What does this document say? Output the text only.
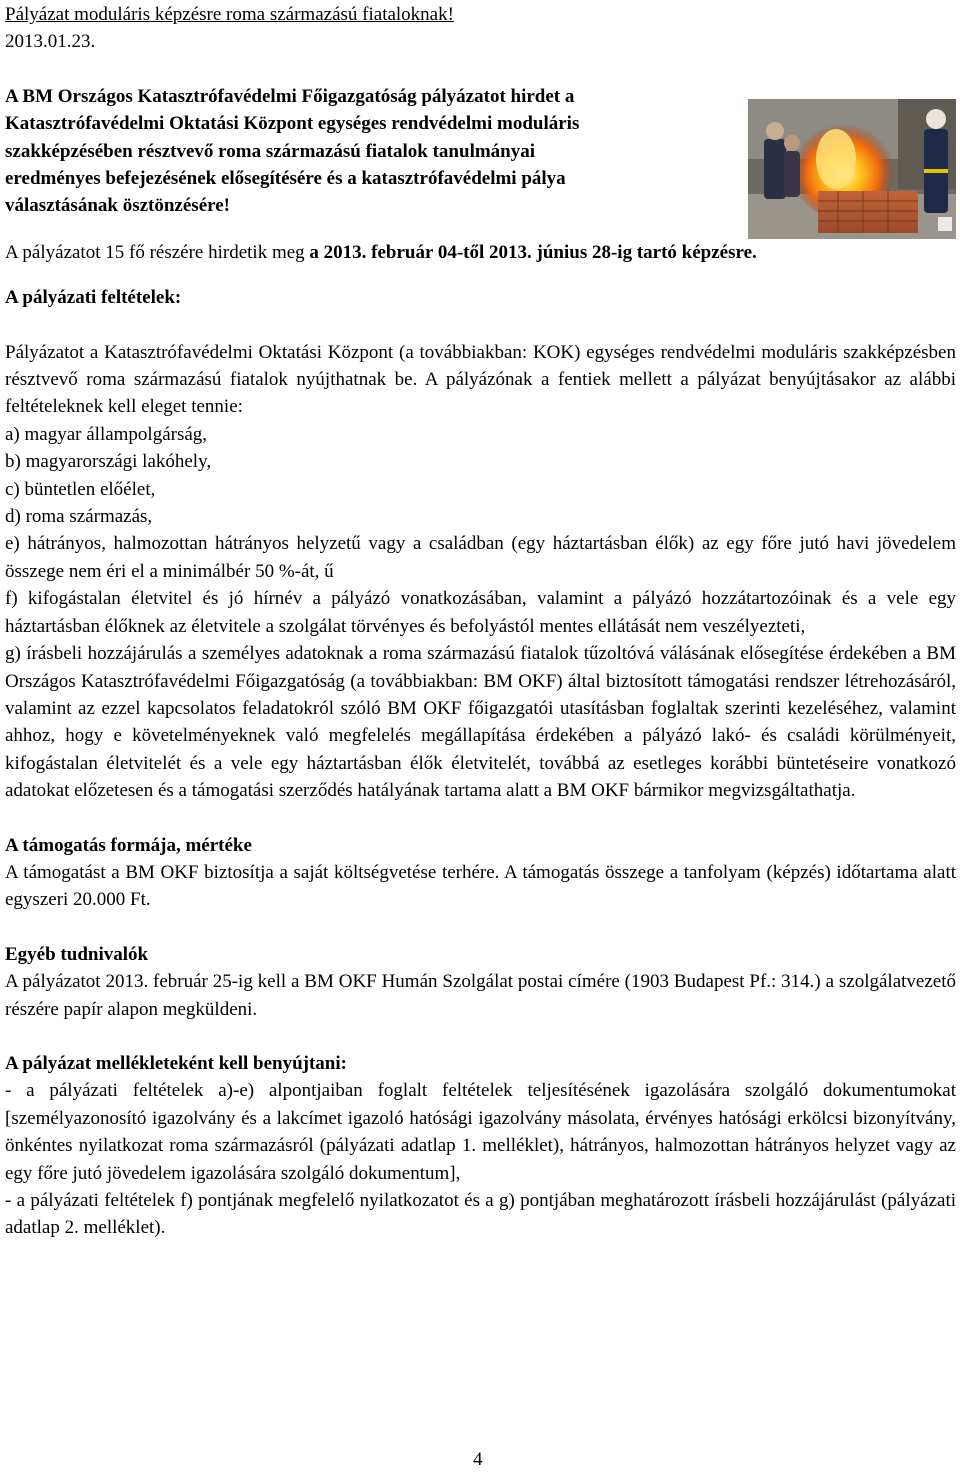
Pályázat moduláris képzésre roma származású fiataloknak!
2013.01.23.
A BM Országos Katasztrófavédelmi Főigazgatóság pályázatot hirdet a
Katasztrófavédelmi Oktatási Központ egységes rendvédelmi moduláris
szakképzésében résztvevő roma származású fiatalok tanulmányai
eredményes befejezésének elősegítésére és a katasztrófavédelmi pálya
választásának ösztönzésére!
A pályázatot 15 fő részére hirdetik meg a 2013. február 04-től 2013. június 28-ig tartó képzésre.
A pályázati feltételek:
Pályázatot a Katasztrófavédelmi Oktatási Központ (a továbbiakban: KOK) egységes rendvédelmi moduláris szakképzésben résztvevő roma származású fiatalok nyújthatnak be. A pályázónak a fentiek mellett a pályázat benyújtásakor az alábbi feltételeknek kell eleget tennie:
a) magyar állampolgárság,
b) magyarországi lakóhely,
c) büntetlen előélet,
d) roma származás,
e) hátrányos, halmozottan hátrányos helyzetű vagy a családban (egy háztartásban élők) az egy főre jutó havi jövedelem összege nem éri el a minimálbér 50 %-át, ű
f) kifogástalan életvitel és jó hírnév a pályázó vonatkozásában, valamint a pályázó hozzátartozóinak és a vele egy háztartásban élőknek az életvitele a szolgálat törvényes és befolyástól mentes ellátását nem veszélyezteti,
g) írásbeli hozzájárulás a személyes adatoknak a roma származású fiatalok tűzoltóvá válásának elősegítése érdekében a BM Országos Katasztrófavédelmi Főigazgatóság (a továbbiakban: BM OKF) által biztosított támogatási rendszer létrehozásáról, valamint az ezzel kapcsolatos feladatokról szóló BM OKF főigazgatói utasításban foglaltak szerinti kezeléséhez, valamint ahhoz, hogy e követelményeknek való megfelelés megállapítása érdekében a pályázó lakó- és családi körülményeit, kifogástalan életvitelét és a vele egy háztartásban élők életvitelét, továbbá az esetleges korábbi büntetéseire vonatkozó adatokat előzetesen és a támogatási szerződés hatályának tartama alatt a BM OKF bármikor megvizsgáltathatja.
A támogatás formája, mértéke
A támogatást a BM OKF biztosítja a saját költségvetése terhére. A támogatás összege a tanfolyam (képzés) időtartama alatt egyszeri 20.000 Ft.
Egyéb tudnivalók
A pályázatot 2013. február 25-ig kell a BM OKF Humán Szolgálat postai címére (1903 Budapest Pf.: 314.) a szolgálatvezető részére papír alapon megküldeni.
A pályázat mellékleteként kell benyújtani:
- a pályázati feltételek a)-e) alpontjaiban foglalt feltételek teljesítésének igazolására szolgáló dokumentumokat [személyazonosító igazolvány és a lakcímet igazoló hatósági igazolvány másolata, érvényes hatósági erkölcsi bizonyítvány, önkéntes nyilatkozat roma származásról (pályázati adatlap 1. melléklet), hátrányos, halmozottan hátrányos helyzet vagy az egy főre jutó jövedelem igazolására szolgáló dokumentum],
- a pályázati feltételek f) pontjának megfelelő nyilatkozatot és a g) pontjában meghatározott írásbeli hozzájárulást (pályázati adatlap 2. melléklet).
4
